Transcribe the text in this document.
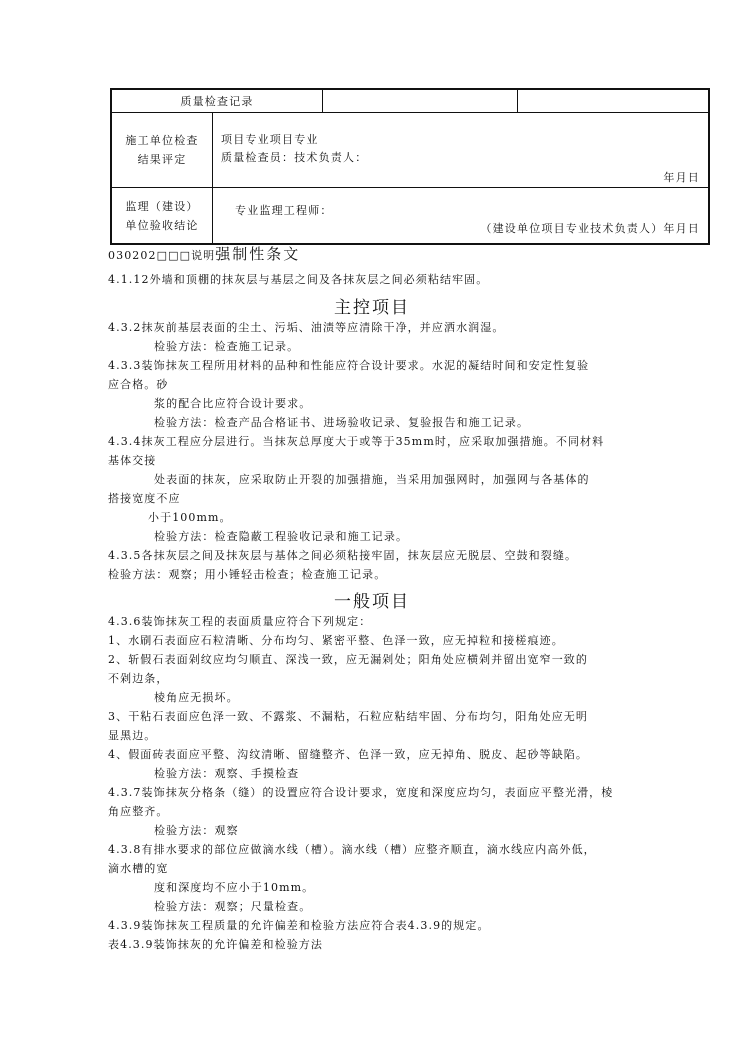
质量检查记录
施工单位检查
结果评定
项目专业项目专业
质量检查员：技术负责人：
年月日
监理（建设）
单位验收结论
专业监理工程师：
（建设单位项目专业技术负责人）年月日
030202□□□说明强制性条文
4.1.12外墙和顶棚的抹灰层与基层之间及各抹灰层之间必须粘结牢固。
主控项目
4.3.2抹灰前基层表面的尘土、污垢、油渍等应清除干净，并应洒水润湿。
检验方法：检查施工记录。
4.3.3装饰抹灰工程所用材料的品种和性能应符合设计要求。水泥的凝结时间和安定性复验
应合格。砂
浆的配合比应符合设计要求。
检验方法：检查产品合格证书、进场验收记录、复验报告和施工记录。
4.3.4抹灰工程应分层进行。当抹灰总厚度大于或等于35mm时，应采取加强措施。不同材料
基体交接
处表面的抹灰，应采取防止开裂的加强措施，当采用加强网时，加强网与各基体的
搭接宽度不应
小于100mm。
检验方法：检查隐蔽工程验收记录和施工记录。
4.3.5各抹灰层之间及抹灰层与基体之间必须粘接牢固，抹灰层应无脱层、空鼓和裂缝。
检验方法：观察；用小锤轻击检查；检查施工记录。
一般项目
4.3.6装饰抹灰工程的表面质量应符合下列规定：
1、水刷石表面应石粒清晰、分布均匀、紧密平整、色泽一致，应无掉粒和接槎痕迹。
2、斩假石表面剁纹应均匀顺直、深浅一致，应无漏剁处；阳角处应横剁并留出宽窄一致的
不剁边条，
棱角应无损坏。
3、干粘石表面应色泽一致、不露浆、不漏粘，石粒应粘结牢固、分布均匀，阳角处应无明
显黑边。
4、假面砖表面应平整、沟纹清晰、留缝整齐、色泽一致，应无掉角、脱皮、起砂等缺陷。
检验方法：观察、手摸检查
4.3.7装饰抹灰分格条（缝）的设置应符合设计要求，宽度和深度应均匀，表面应平整光滑，棱
角应整齐。
检验方法：观察
4.3.8有排水要求的部位应做滴水线（槽）。滴水线（槽）应整齐顺直，滴水线应内高外低，
滴水槽的宽
度和深度均不应小于10mm。
检验方法：观察；尺量检查。
4.3.9装饰抹灰工程质量的允许偏差和检验方法应符合表4.3.9的规定。
表4.3.9装饰抹灰的允许偏差和检验方法
